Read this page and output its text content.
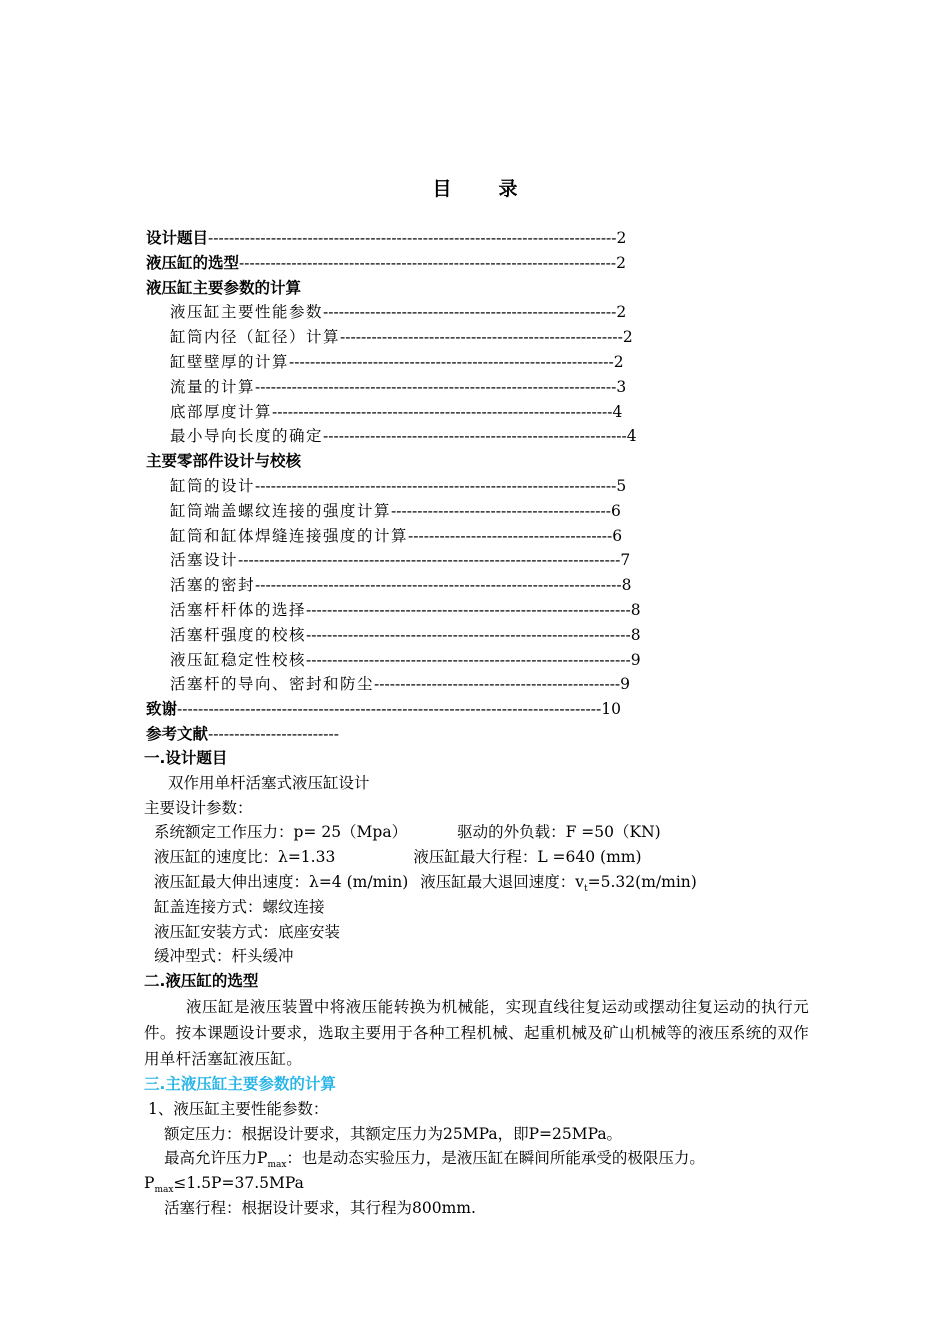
目　录
设计题目------------------------------------------------------------------------------2
液压缸的选型------------------------------------------------------------------------2
液压缸主要参数的计算
液压缸主要性能参数--------------------------------------------------------2
缸筒内径（缸径）计算------------------------------------------------------2
缸壁壁厚的计算--------------------------------------------------------------2
流量的计算---------------------------------------------------------------------3
底部厚度计算-----------------------------------------------------------------4
最小导向长度的确定----------------------------------------------------------4
主要零部件设计与校核
缸筒的设计---------------------------------------------------------------------5
缸筒端盖螺纹连接的强度计算------------------------------------------6
缸筒和缸体焊缝连接强度的计算---------------------------------------6
活塞设计-------------------------------------------------------------------------7
活塞的密封----------------------------------------------------------------------8
活塞杆杆体的选择--------------------------------------------------------------8
活塞杆强度的校核--------------------------------------------------------------8
液压缸稳定性校核--------------------------------------------------------------9
活塞杆的导向、密封和防尘-----------------------------------------------9
致谢---------------------------------------------------------------------------------10
参考文献-------------------------
一.设计题目
双作用单杆活塞式液压缸设计
主要设计参数：
系统额定工作压力：p= 25（Mpa）	驱动的外负载：F =50（KN)
液压缸的速度比：λ=1.33	液压缸最大行程：L =640 (mm)
液压缸最大伸出速度：λ=4 (m/min) 液压缸最大退回速度：$v_t=5.32(m/\min)$
缸盖连接方式：螺纹连接
液压缸安装方式：底座安装
缓冲型式：杆头缓冲
二.液压缸的选型
液压缸是液压装置中将液压能转换为机械能，实现直线往复运动或摆动往复运动的执行元件。按本课题设计要求，选取主要用于各种工程机械、起重机械及矿山机械等的液压系统的双作用单杆活塞缸液压缸。
三.主液压缸主要参数的计算
1、液压缸主要性能参数：
额定压力：根据设计要求，其额定压力为25MPa，即P=25MPa。
最高允许压力$P_{max}$：也是动态实验压力，是液压缸在瞬间所能承受的极限压力。
$P_{max}\le 1.5P=37.5MPa$
活塞行程：根据设计要求，其行程为800mm.
